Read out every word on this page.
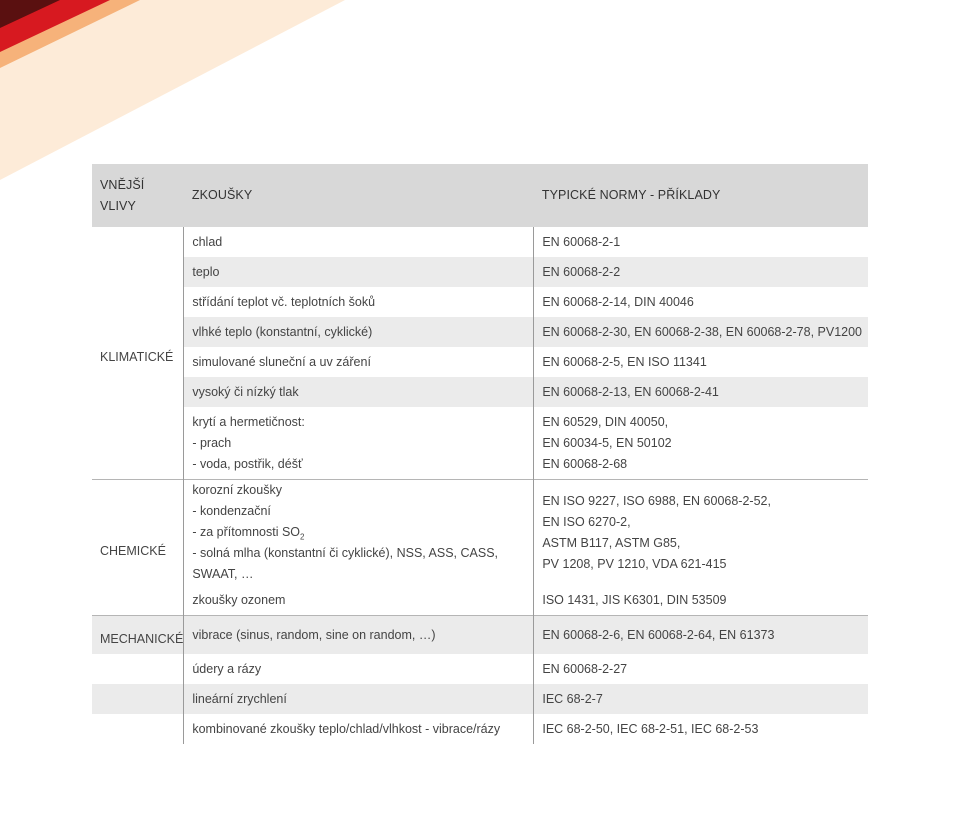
VNĚJŠÍ VLIVY	ZKOUŠKY	TYPICKÉ NORMY - PŘÍKLADY
KLIMATICKÉ	chlad	EN 60068-2-1
	teplo	EN 60068-2-2
	střídání teplot vč. teplotních šoků	EN 60068-2-14, DIN 40046
	vlhké teplo (konstantní, cyklické)	EN 60068-2-30, EN 60068-2-38, EN 60068-2-78, PV1200
	simulované sluneční a uv záření	EN 60068-2-5, EN ISO 11341
	vysoký či nízký tlak	EN 60068-2-13, EN 60068-2-41

	krytí a hermetičnost:
- prach
- voda, postřik, déšť	EN 60529, DIN 40050,
EN 60034-5, EN 50102
EN 60068-2-68

CHEMICKÉ	korozní zkoušky
- kondenzační
- za přítomnosti $SO_2$
- solná mlha (konstantní či cyklické), NSS, ASS, CASS, SWAAT, …	EN ISO 9227, ISO 6988, EN 60068-2-52,
EN ISO 6270-2,
ASTM B117, ASTM G85,
PV 1208, PV 1210, VDA 621-415

	zkoušky ozonem	ISO 1431, JIS K6301, DIN 53509
MECHANICKÉ	vibrace (sinus, random, sine on random, …)	EN 60068-2-6, EN 60068-2-64, EN 61373
	údery a rázy	EN 60068-2-27
	lineární zrychlení	IEC 68-2-7
	kombinované zkoušky teplo/chlad/vlhkost - vibrace/rázy	IEC 68-2-50, IEC 68-2-51, IEC 68-2-53
